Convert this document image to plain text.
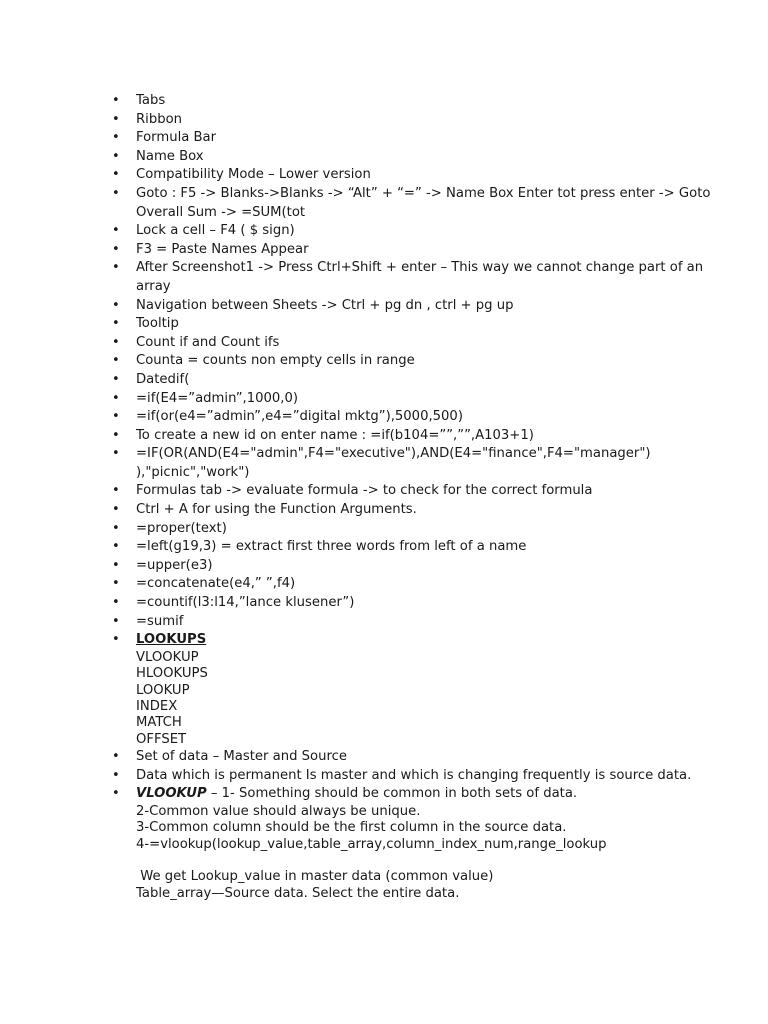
• Tabs
• Ribbon
• Formula Bar
• Name Box
• Compatibility Mode – Lower version
• Goto : F5 -> Blanks->Blanks -> “Alt” + “=” -> Name Box Enter tot press enter -> Goto Overall Sum -> =SUM(tot
• Lock a cell – F4 ( $ sign)
• F3 = Paste Names Appear
• After Screenshot1 -> Press Ctrl+Shift + enter – This way we cannot change part of an array
• Navigation between Sheets -> Ctrl + pg dn , ctrl + pg up
• Tooltip
• Count if and Count ifs
• Counta = counts non empty cells in range
• Datedif(
• =if(E4=”admin”,1000,0)
• =if(or(e4=”admin”,e4=”digital mktg”),5000,500)
• To create a new id on enter name : =if(b104=””,””,A103+1)
• =IF(OR(AND(E4="admin",F4="executive"),AND(E4="finance",F4="manager") ),"picnic","work")
• Formulas tab -> evaluate formula -> to check for the correct formula
• Ctrl + A for using the Function Arguments.
• =proper(text)
• =left(g19,3) = extract first three words from left of a name
• =upper(e3)
• =concatenate(e4,” ”,f4)
• =countif(l3:l14,”lance klusener”)
• =sumif
• LOOKUPS
VLOOKUP
HLOOKUPS
LOOKUP
INDEX
MATCH
OFFSET
• Set of data – Master and Source
• Data which is permanent Is master and which is changing frequently is source data.
• VLOOKUP – 1- Something should be common in both sets of data.
2-Common value should always be unique.
3-Common column should be the first column in the source data.
4-=vlookup(lookup_value,table_array,column_index_num,range_lookup
We get Lookup_value in master data (common value)
Table_array—Source data. Select the entire data.
